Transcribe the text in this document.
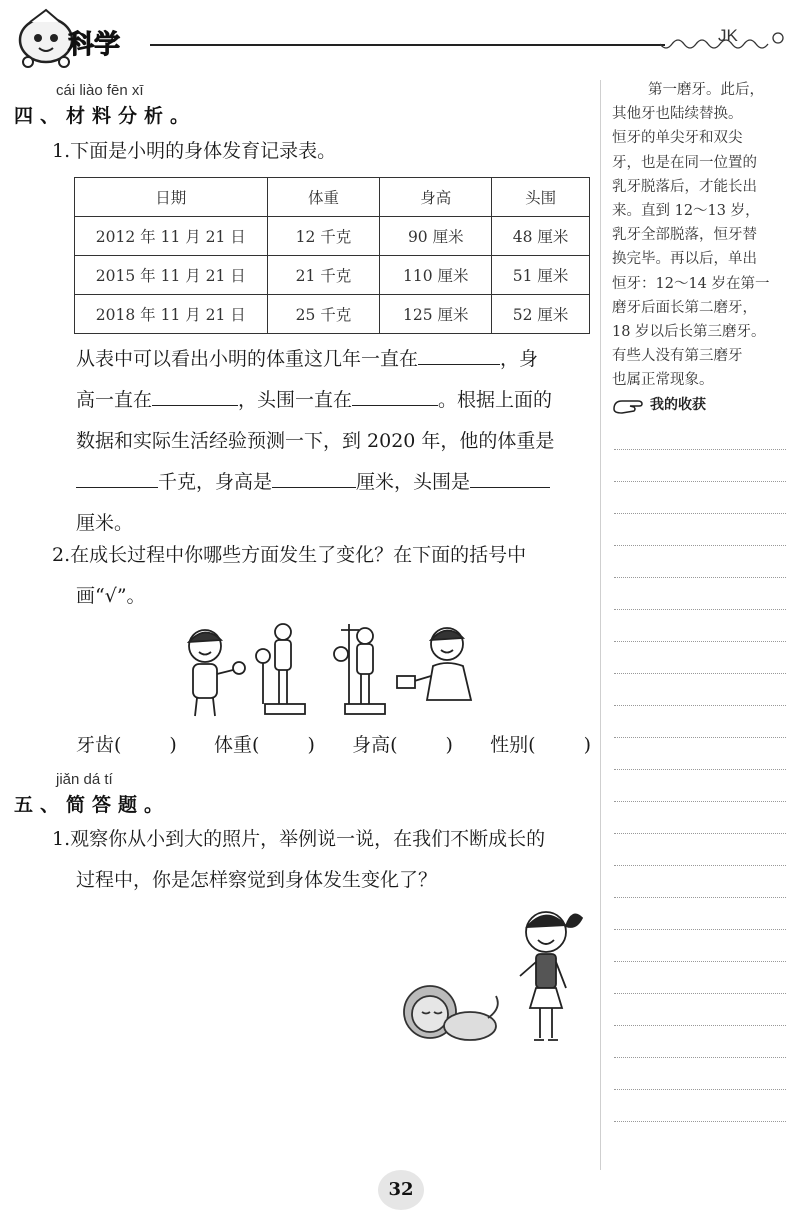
科学	JK
cái liào fēn xī
四、材料分析。
1.下面是小明的身体发育记录表。
日期	体重	身高	头围
2012 年 11 月 21 日	12 千克	90 厘米	48 厘米
2015 年 11 月 21 日	21 千克	110 厘米	51 厘米
2018 年 11 月 21 日	25 千克	125 厘米	52 厘米
从表中可以看出小明的体重这几年一直在	，身
高一直在	，头围一直在	。根据上面的
数据和实际生活经验预测一下，到 2020 年，他的体重是
千克，身高是	厘米，头围是
厘米。
2.在成长过程中你哪些方面发生了变化？在下面的括号中
画“√”。
牙齿(	) 体重(	) 身高(	) 性别(	)
jiǎn dá tí
五、简答题。
1.观察你从小到大的照片，举例说一说，在我们不断成长的
过程中，你是怎样察觉到身体发生变化了？
第一磨牙。此后，
其他牙也陆续替换。
恒牙的单尖牙和双尖
牙，也是在同一位置的
乳牙脱落后，才能长出
来。直到 12～13 岁，
乳牙全部脱落，恒牙替
换完毕。再以后，单出
恒牙：12～14 岁在第一
磨牙后面长第二磨牙，
18 岁以后长第三磨牙。
有些人没有第三磨牙
也属正常现象。
我的收获
32
